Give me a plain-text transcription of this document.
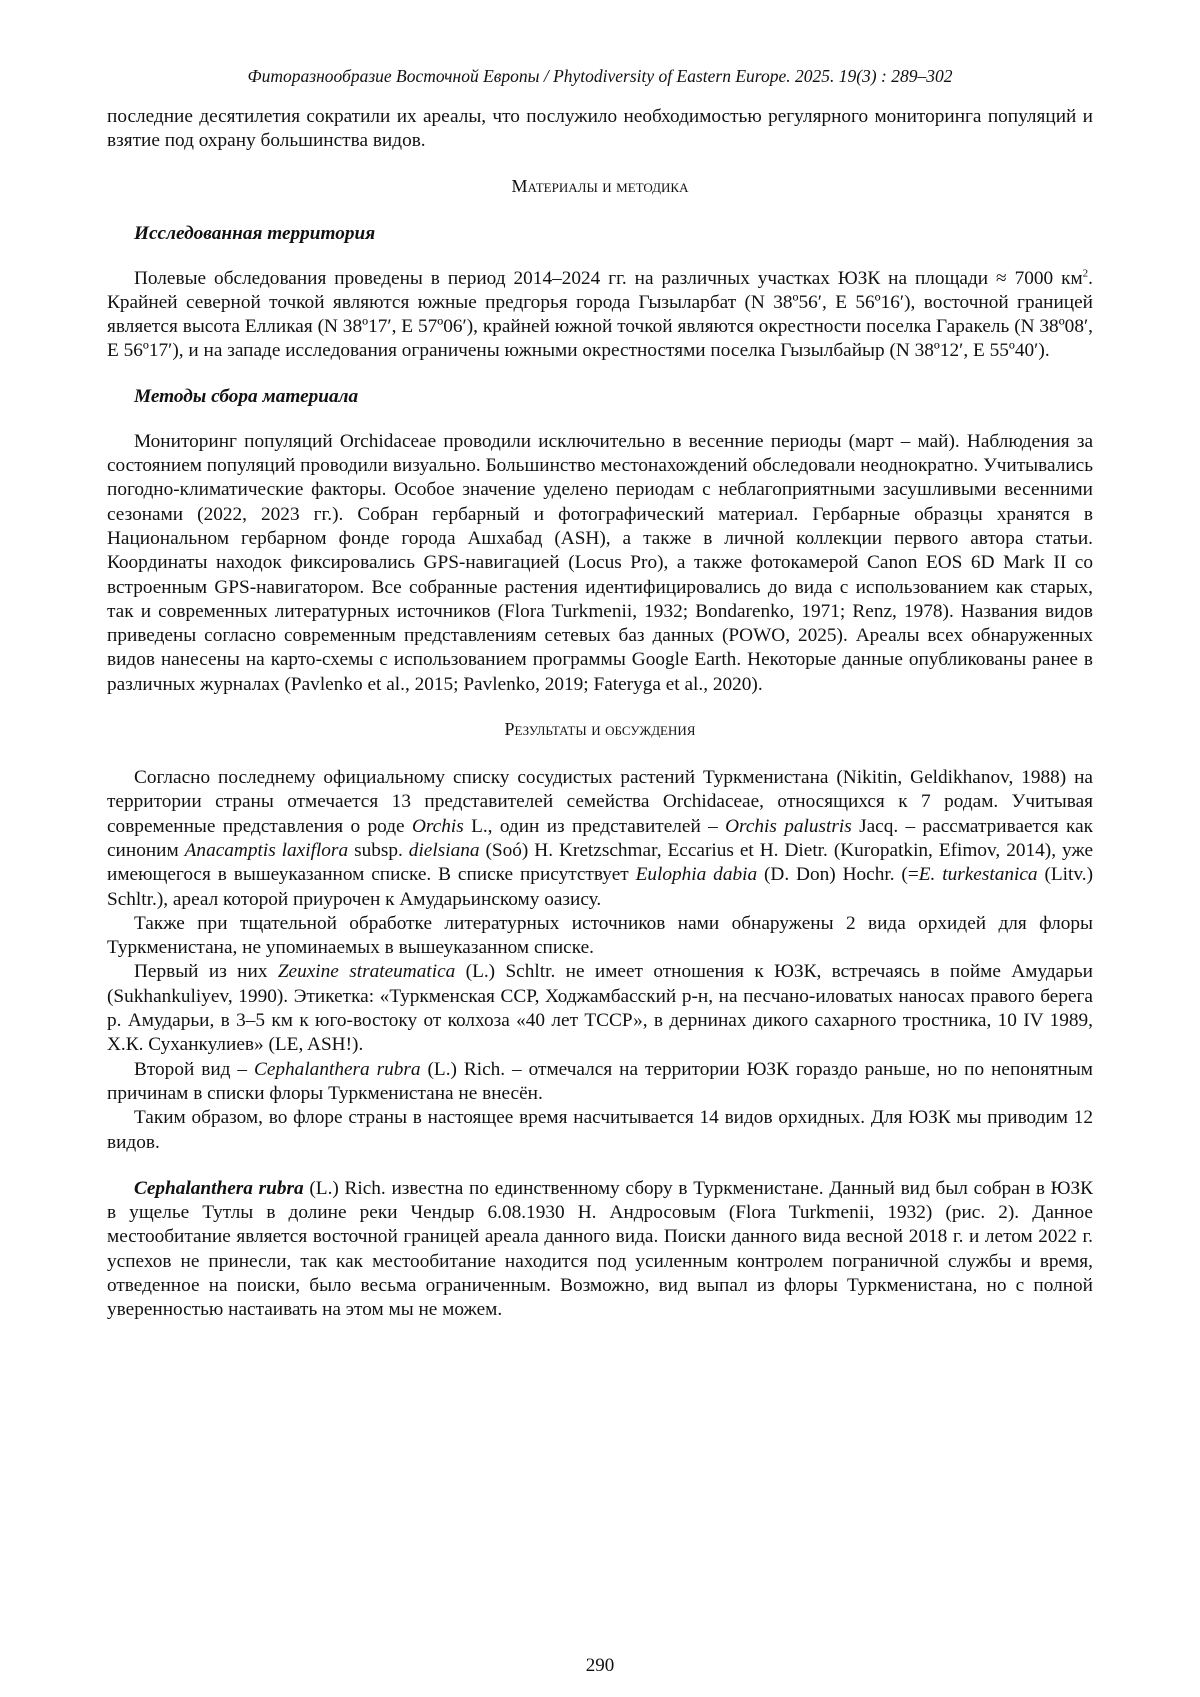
Фиторазнообразие Восточной Европы / Phytodiversity of Eastern Europe. 2025. 19(3) : 289–302

последние десятилетия сократили их ареалы, что послужило необходимостью регулярного мониторинга популяций и взятие под охрану большинства видов.

Материалы и методика
Исследованная территория

Полевые обследования проведены в период 2014–2024 гг. на различных участках ЮЗК на площади ≈ 7000 км2. Крайней северной точкой являются южные предгорья города Гызыларбат (N 38º56ʹ, E 56º16ʹ), восточной границей является высота Елликая (N 38º17ʹ, E 57º06ʹ), крайней южной точкой являются окрестности поселка Гаракель (N 38º08ʹ, E 56º17ʹ), и на западе исследования ограничены южными окрестностями поселка Гызылбайыр (N 38º12ʹ, E 55º40ʹ).

Методы сбора материала

Мониторинг популяций Orchidaceae проводили исключительно в весенние периоды (март – май). Наблюдения за состоянием популяций проводили визуально. Большинство местонахождений обследовали неоднократно. Учитывались погодно-климатические факторы. Особое значение уделено периодам с неблагоприятными засушливыми весенними сезонами (2022, 2023 гг.). Собран гербарный и фотографический материал. Гербарные образцы хранятся в Национальном гербарном фонде города Ашхабад (ASH), а также в личной коллекции первого автора статьи. Координаты находок фиксировались GPS-навигацией (Locus Pro), а также фотокамерой Canon EOS 6D Mark II со встроенным GPS-навигатором. Все собранные растения идентифицировались до вида с использованием как старых, так и современных литературных источников (Flora Turkmenii, 1932; Bondarenko, 1971; Renz, 1978). Названия видов приведены согласно современным представлениям сетевых баз данных (POWO, 2025). Ареалы всех обнаруженных видов нанесены на карто-схемы с использованием программы Google Earth. Некоторые данные опубликованы ранее в различных журналах (Pavlenko et al., 2015; Pavlenko, 2019; Fateryga et al., 2020).

Результаты и обсуждения

Согласно последнему официальному списку сосудистых растений Туркменистана (Nikitin, Geldikhanov, 1988) на территории страны отмечается 13 представителей семейства Orchidaceae, относящихся к 7 родам. Учитывая современные представления о роде Orchis L., один из представителей – Orchis palustris Jacq. – рассматривается как синоним Anacamptis laxiflora subsp. dielsiana (Soó) H. Kretzschmar, Eccarius et H. Dietr. (Kuropatkin, Efimov, 2014), уже имеющегося в вышеуказанном списке. В списке присутствует Eulophia dabia (D. Don) Hochr. (=E. turkestanica (Litv.) Schltr.), ареал которой приурочен к Амударьинскому оазису.

Также при тщательной обработке литературных источников нами обнаружены 2 вида орхидей для флоры Туркменистана, не упоминаемых в вышеуказанном списке.

Первый из них Zeuxine strateumatica (L.) Schltr. не имеет отношения к ЮЗК, встречаясь в пойме Амударьи (Sukhankuliyev, 1990). Этикетка: «Туркменская ССР, Ходжамбасский р-н, на песчано-иловатых наносах правого берега р. Амударьи, в 3–5 км к юго-востоку от колхоза «40 лет ТССР», в дернинах дикого сахарного тростника, 10 IV 1989, Х.К. Суханкулиев» (LE, ASH!).

Второй вид – Cephalanthera rubra (L.) Rich. – отмечался на территории ЮЗК гораздо раньше, но по непонятным причинам в списки флоры Туркменистана не внесён.

Таким образом, во флоре страны в настоящее время насчитывается 14 видов орхидных. Для ЮЗК мы приводим 12 видов.

Cephalanthera rubra (L.) Rich. известна по единственному сбору в Туркменистане. Данный вид был собран в ЮЗК в ущелье Тутлы в долине реки Чендыр 6.08.1930 Н. Андросовым (Flora Turkmenii, 1932) (рис. 2). Данное местообитание является восточной границей ареала данного вида. Поиски данного вида весной 2018 г. и летом 2022 г. успехов не принесли, так как местообитание находится под усиленным контролем пограничной службы и время, отведенное на поиски, было весьма ограниченным. Возможно, вид выпал из флоры Туркменистана, но с полной уверенностью настаивать на этом мы не можем.

290
